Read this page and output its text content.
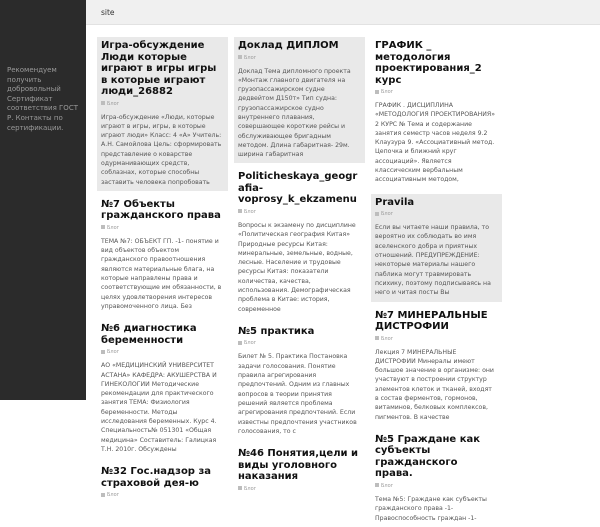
Рекомендуем получить добровольный Сертификат соответствия ГОСТ Р. Контакты по сертификации.
site
Игра-обсуждение Люди которые играют в игры игры в которые играют люди_26882
Блог

Игра-обсуждение «Люди, которые играют в игры, игры, в которые играют люди» Класс: 4 «А» Учитель: А.Н. Самойлова Цель: сформировать представление о кoваpстве одурманивающих средств, соблазнах, которые способны заставить человека попробовать

№7 Объекты гражданского права
Блог

ТЕМА №7: ОБЪЕКТ ГП. -1- понятие и вид объектов объектом гражданского правоотношения являются материальные блага, на которые направлены права и соответствующие им обязанности, в целях удовлетворения интересов управомоченного лица. Без

№6 диагностика беременности
Блог

АО «МЕДИЦИНСКИЙ УНИВЕРСИТЕТ АСТАНА» КАФЕДРА: АКУШЕРСТВА И ГИНЕКОЛОГИИ Методические рекомендации для практического занятия ТЕМА: Физиология беременности. Методы исследования беременных. Курс 4. Специальность№ 051301 «Общая медицина» Составитель: Галицкая Т.Н. 2010г. Обсуждены

№32 Гос.надзор за страховой дея-ю
Блог
Доклад ДИПЛОМ
Блог

Доклад Тема дипломного проекта «Монтаж главного двигателя на грузопассажирском судне дедвейтом Д150т» Тип судна: грузопассажирское судно внутреннего плавания, совершающее короткие рейсы и обслуживающее бригадным методом. Длина габаритная- 29м. ширина габаритная

Politicheskaya_geografia-voprosy_k_ekzamenu
Блог

Вопросы к экзамену по дисциплине «Политическая география Китая» Природные ресурсы Китая: минеральные, земельные, водные, лесные. Население и трудовые ресурсы Китая: показатели количества, качества, использования. Демографическая проблема в Китае: история, современное

№5 практика
Блог

Билет № 5. Практика Постановка задачи голосования. Понятие правила агрегирования предпочтений. Одним из главных вопросов в теории принятия решений является проблема агрегирования предпочтений. Если известны предпочтения участников голосования, то с

№46 Понятия,цели и виды уголовного наказания
Блог
ГРАФИК _ методология проектирования_2 курс
Блог

ГРАФИК . ДИСЦИПЛИНА «МЕТОДОЛОГИЯ ПРОЕКТИРОВАНИЯ» 2 КУРС № Тема и содержание занятия семестр часов неделя 9.2 Клаузура 9. «Ассоциативный метод. Цепочка и ближний круг ассоциаций». Является классическим вербальным ассоциативным методом,

Pravila
Блог

Если вы читаете наши правила, то вероятно их соблюдать во имя вселенского добра и приятных отношений. ПРЕДУПРЕЖДЕНИЕ: некоторые материалы нашего паблика могут травмировать психику, поэтому подписываясь на него и читая посты Вы

№7 МИНЕРАЛЬНЫЕ ДИСТРОФИИ
Блог

Лекция 7 МИНЕРАЛЬНЫЕ ДИСТРОФИИ Минералы имеют большое значение в организме: они участвуют в построении структур элементов клеток и тканей, входят в состав ферментов, гормонов, витаминов, белковых комплексов, пигментов. В качестве

№5 Граждане как субъекты гражданского права.
Блог

Тема №5: Граждане как субъекты гражданского права -1- Правоспособность граждан -1-
